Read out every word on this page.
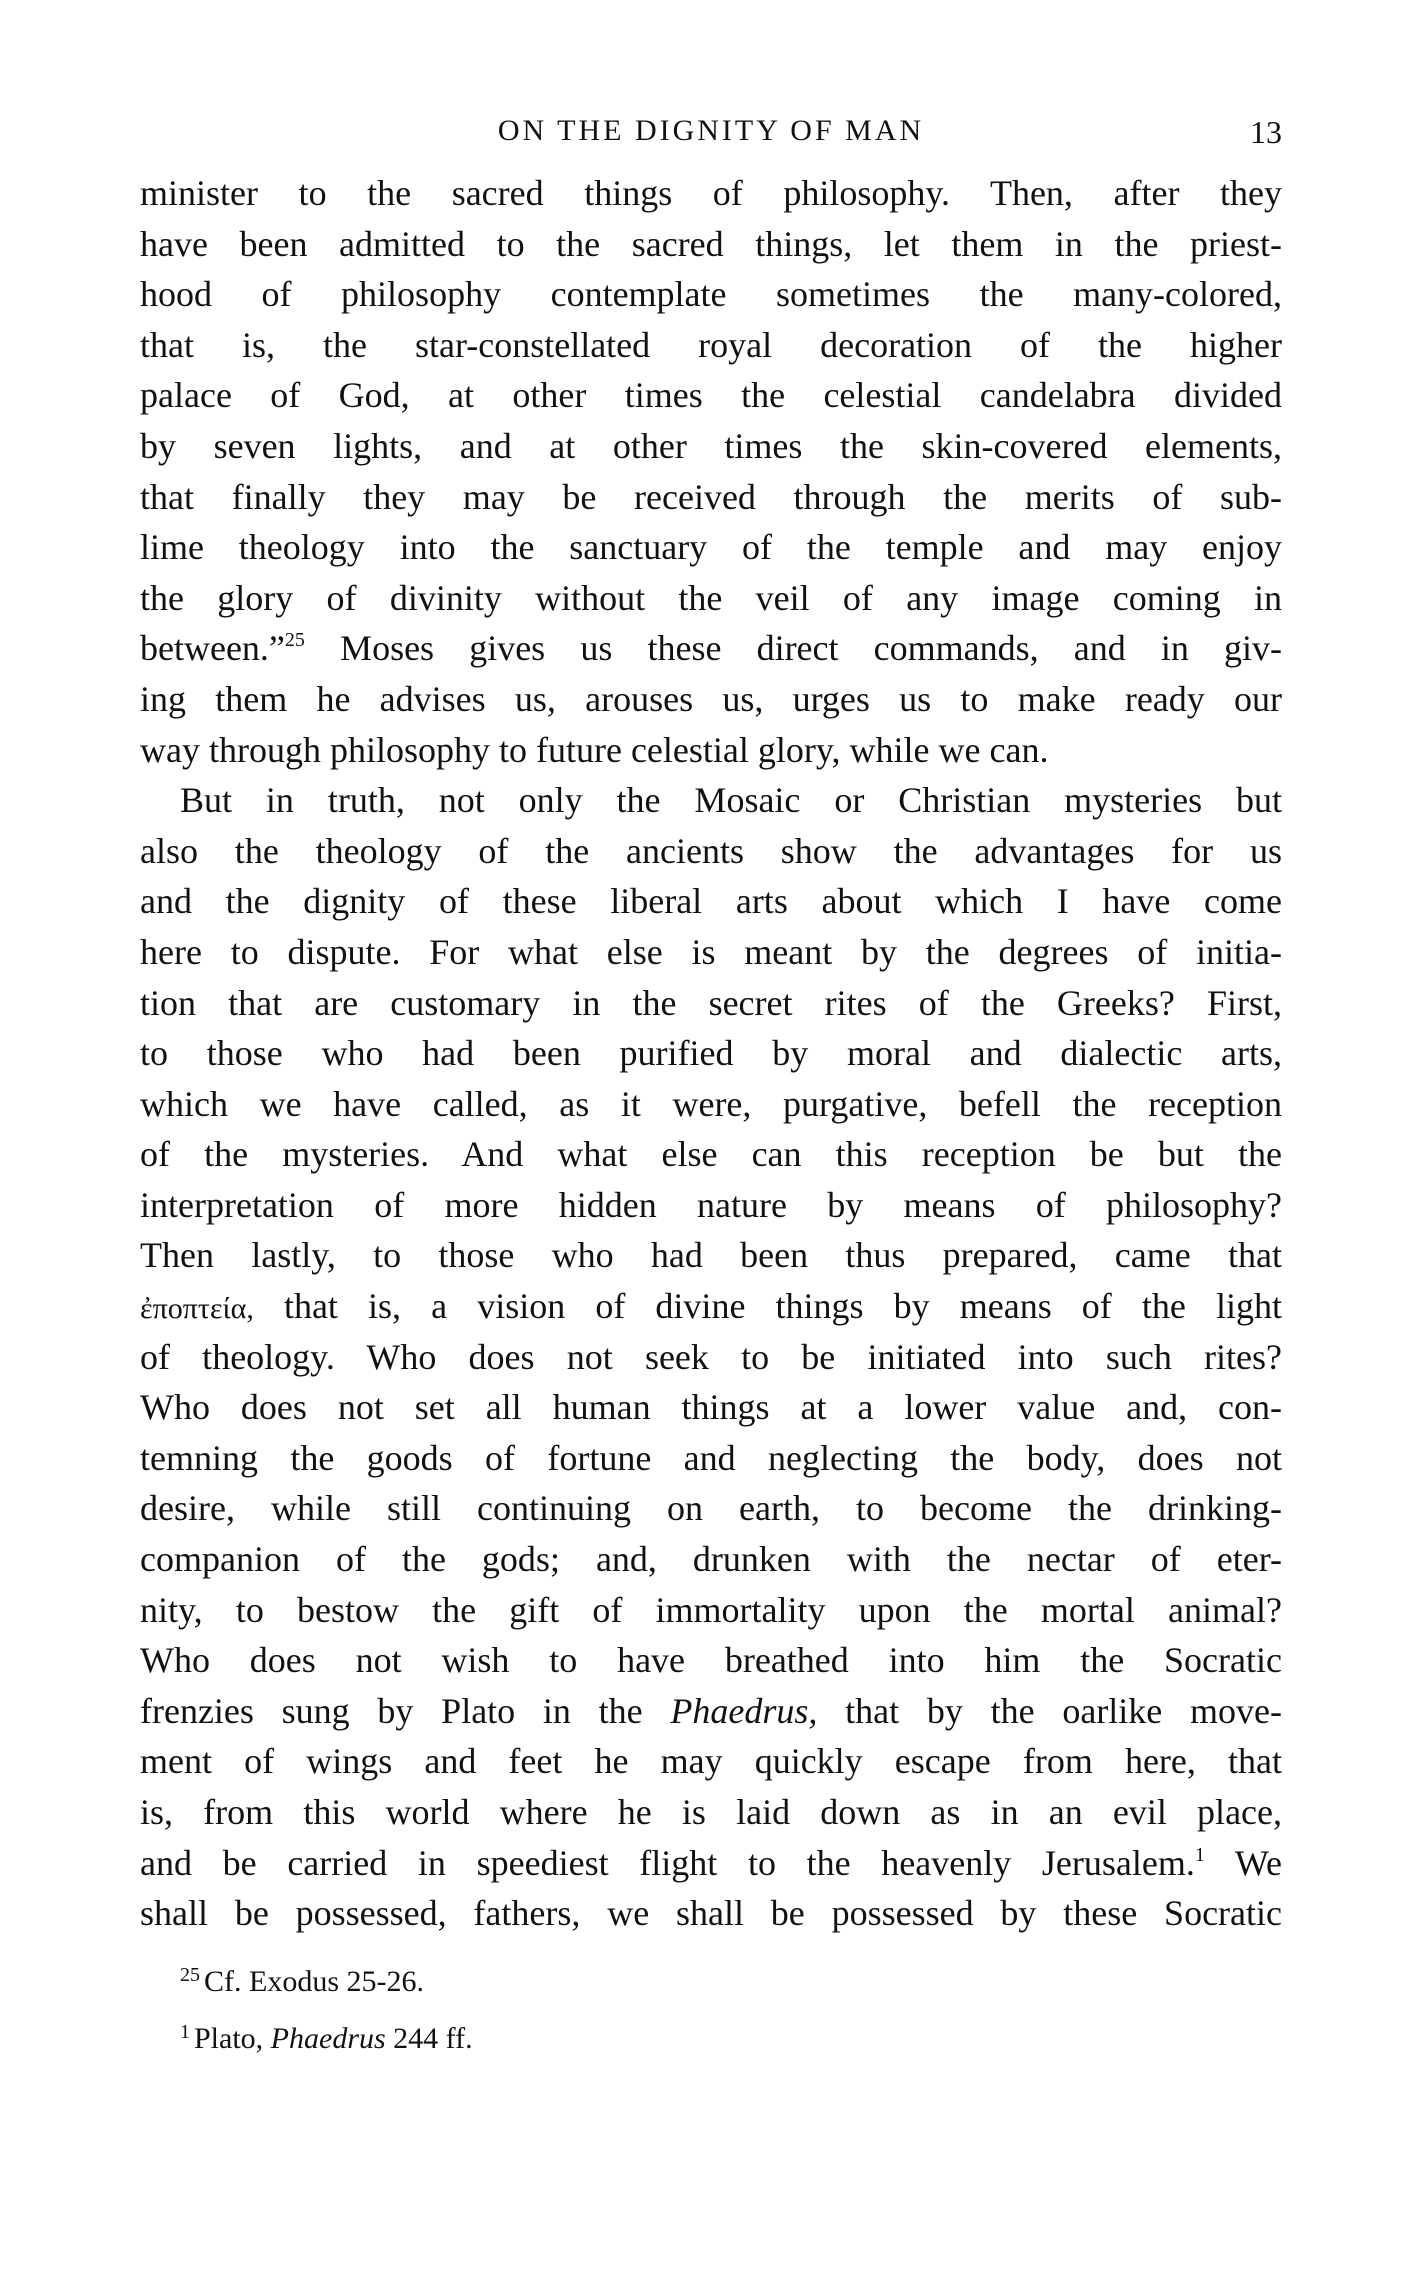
ON THE DIGNITY OF MAN	13
minister to the sacred things of philosophy. Then, after they
have been admitted to the sacred things, let them in the priest-
hood of philosophy contemplate sometimes the many-colored,
that is, the star-constellated royal decoration of the higher
palace of God, at other times the celestial candelabra divided
by seven lights, and at other times the skin-covered elements,
that finally they may be received through the merits of sub-
lime theology into the sanctuary of the temple and may enjoy
the glory of divinity without the veil of any image coming in
between.”$^{25}$ Moses gives us these direct commands, and in giv-
ing them he advises us, arouses us, urges us to make ready our
way through philosophy to future celestial glory, while we can.
But in truth, not only the Mosaic or Christian mysteries but
also the theology of the ancients show the advantages for us
and the dignity of these liberal arts about which I have come
here to dispute. For what else is meant by the degrees of initia-
tion that are customary in the secret rites of the Greeks? First,
to those who had been purified by moral and dialectic arts,
which we have called, as it were, purgative, befell the reception
of the mysteries. And what else can this reception be but the
interpretation of more hidden nature by means of philosophy?
Then lastly, to those who had been thus prepared, came that
ἐποπτεία, that is, a vision of divine things by means of the light
of theology. Who does not seek to be initiated into such rites?
Who does not set all human things at a lower value and, con-
temning the goods of fortune and neglecting the body, does not
desire, while still continuing on earth, to become the drinking-
companion of the gods; and, drunken with the nectar of eter-
nity, to bestow the gift of immortality upon the mortal animal?
Who does not wish to have breathed into him the Socratic
frenzies sung by Plato in the Phaedrus, that by the oarlike move-
ment of wings and feet he may quickly escape from here, that
is, from this world where he is laid down as in an evil place,
and be carried in speediest flight to the heavenly Jerusalem.$^1$ We
shall be possessed, fathers, we shall be possessed by these Socratic
$^{25}$ Cf. Exodus 25-26.
$^1$ Plato, Phaedrus 244 ff.
